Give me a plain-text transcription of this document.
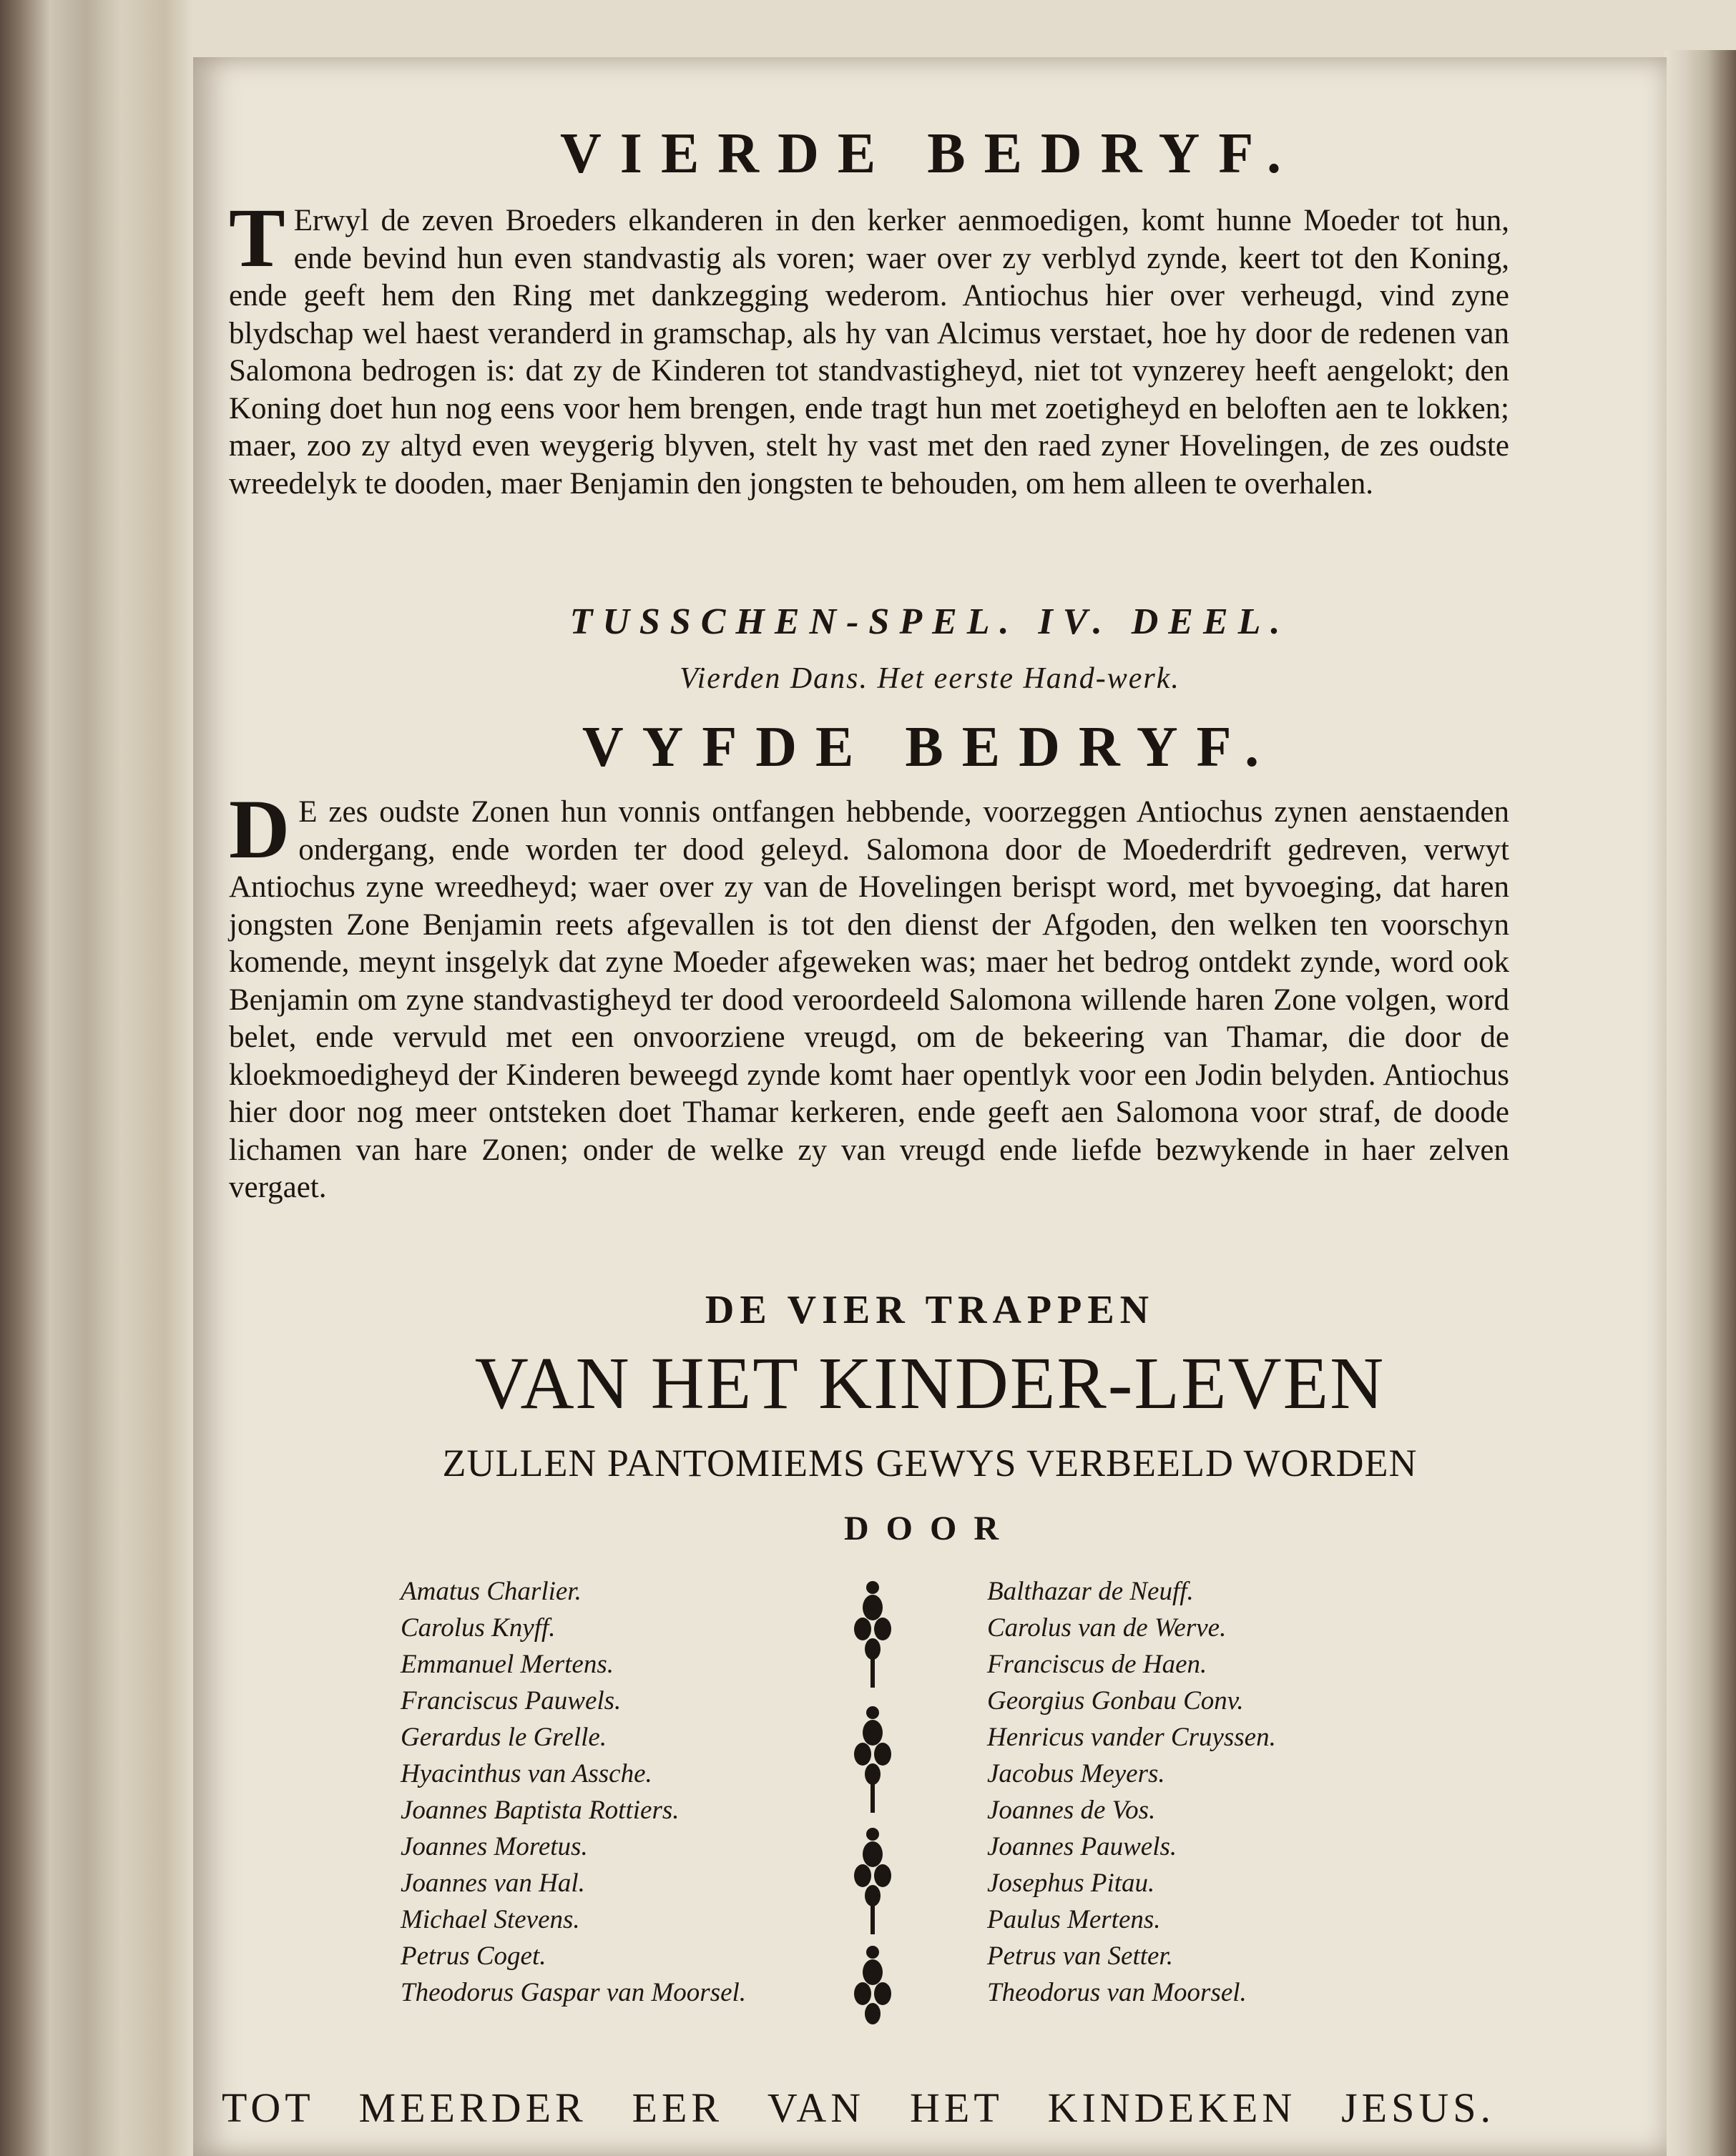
VIERDE BEDRYF.
T Erwyl de zeven Broeders elkanderen in den kerker aenmoedigen, komt hunne Moeder tot hun, ende bevind hun even standvastig als voren; waer over zy verblyd zynde, keert tot den Koning, ende geeft hem den Ring met dankzegging wederom. Antiochus hier over verheugd, vind zyne blydschap wel haest veranderd in gramschap, als hy van Alcimus verstaet, hoe hy door de redenen van Salomona bedrogen is: dat zy de Kinderen tot standvastigheyd, niet tot vynzerey heeft aengelokt; den Koning doet hun nog eens voor hem brengen, ende tragt hun met zoetigheyd en beloften aen te lokken; maer, zoo zy altyd even weygerig blyven, stelt hy vast met den raed zyner Hovelingen, de zes oudste wreedelyk te dooden, maer Benjamin den jongsten te behouden, om hem alleen te overhalen.
TUSSCHEN-SPEL. IV. DEEL.
Vierden Dans. Het eerste Hand-werk.
VYFDE BEDRYF.
D E zes oudste Zonen hun vonnis ontfangen hebbende, voorzeggen Antiochus zynen aenstaenden ondergang, ende worden ter dood geleyd. Salomona door de Moederdrift gedreven, verwyt Antiochus zyne wreedheyd; waer over zy van de Hovelingen berispt word, met byvoeging, dat haren jongsten Zone Benjamin reets afgevallen is tot den dienst der Afgoden, den welken ten voorschyn komende, meynt insgelyk dat zyne Moeder afgeweken was; maer het bedrog ontdekt zynde, word ook Benjamin om zyne standvastigheyd ter dood veroordeeld Salomona willende haren Zone volgen, word belet, ende vervuld met een onvoorziene vreugd, om de bekeering van Thamar, die door de kloekmoedigheyd der Kinderen beweegd zynde komt haer opentlyk voor een Jodin belyden. Antiochus hier door nog meer ontsteken doet Thamar kerkeren, ende geeft aen Salomona voor straf, de doode lichamen van hare Zonen; onder de welke zy van vreugd ende liefde bezwykende in haer zelven vergaet.
DE VIER TRAPPEN
VAN HET KINDER-LEVEN
ZULLEN PANTOMIEMS GEWYS VERBEELD WORDEN
DOOR
Amatus Charlier.
Carolus Knyff.
Emmanuel Mertens.
Franciscus Pauwels.
Gerardus le Grelle.
Hyacinthus van Assche.
Joannes Baptista Rottiers.
Joannes Moretus.
Joannes van Hal.
Michael Stevens.
Petrus Coget.
Theodorus Gaspar van Moorsel.
Balthazar de Neuff.
Carolus van de Werve.
Franciscus de Haen.
Georgius Gonbau Conv.
Henricus vander Cruyssen.
Jacobus Meyers.
Joannes de Vos.
Joannes Pauwels.
Josephus Pitau.
Paulus Mertens.
Petrus van Setter.
Theodorus van Moorsel.
TOT MEERDER EER VAN HET KINDEKEN JESUS.
